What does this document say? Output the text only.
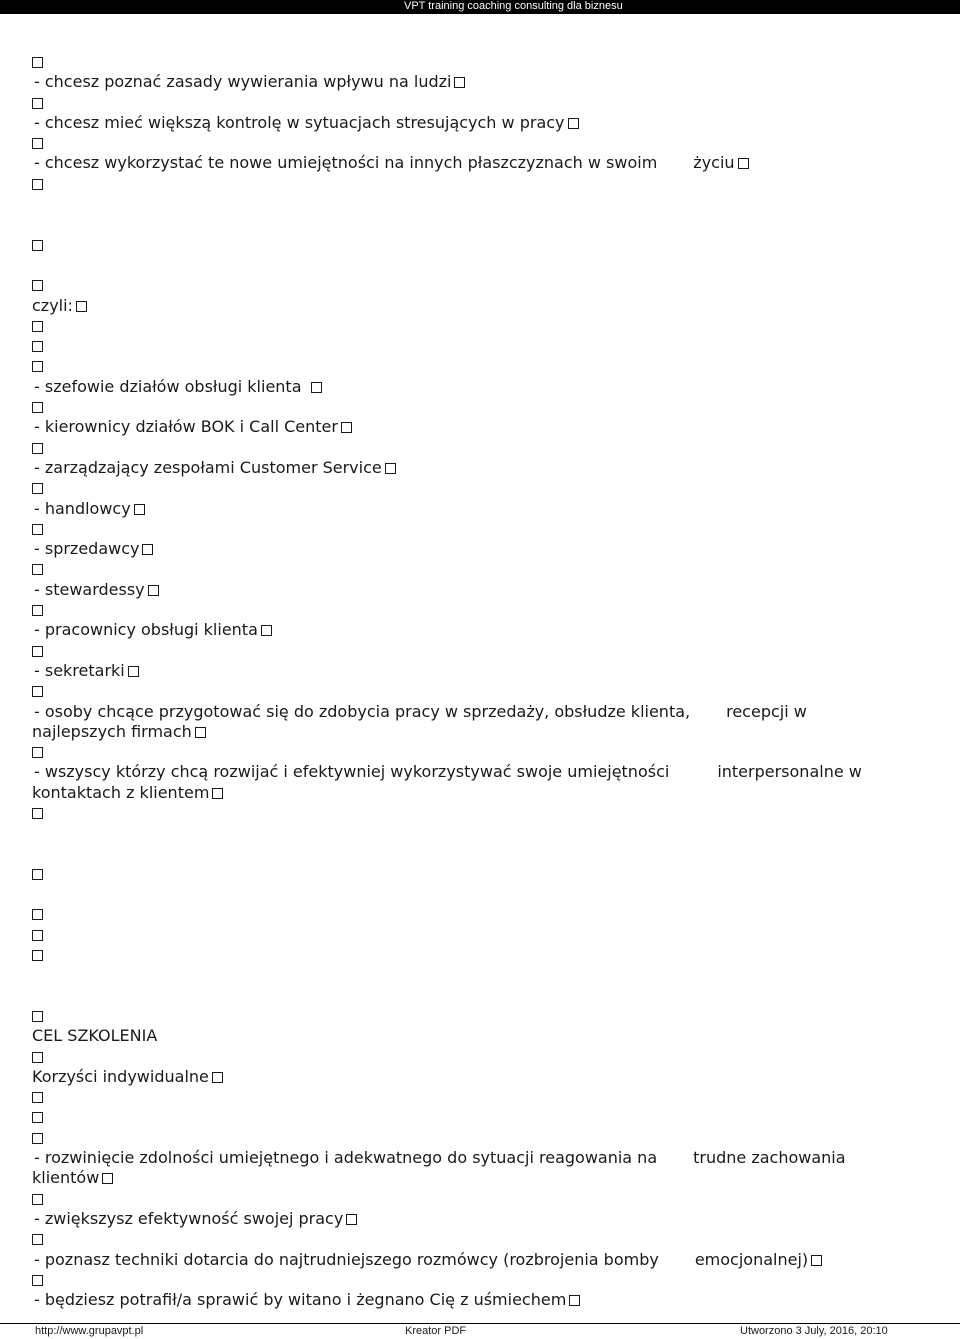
VPT training coaching consulting dla biznesu
- chcesz poznać zasady wywierania wpływu na ludzi
- chcesz mieć większą kontrolę w sytuacjach stresujących w pracy
- chcesz wykorzystać te nowe umiejętności na innych płaszczyznach w swoim życiu
czyli:
- szefowie działów obsługi klienta
- kierownicy działów BOK i Call Center
- zarządzający zespołami Customer Service
- handlowcy
- sprzedawcy
- stewardessy
- pracownicy obsługi klienta
- sekretarki
- osoby chcące przygotować się do zdobycia pracy w sprzedaży, obsłudze klienta, recepcji w
najlepszych firmach
- wszyscy którzy chcą rozwijać i efektywniej wykorzystywać swoje umiejętności	interpersonalne w
kontaktach z klientem
CEL SZKOLENIA
Korzyści indywidualne
- rozwinięcie zdolności umiejętnego i adekwatnego do sytuacji reagowania na trudne zachowania
klientów
- zwiększysz efektywność swojej pracy
- poznasz techniki dotarcia do najtrudniejszego rozmówcy (rozbrojenia bomby emocjonalnej)
- będziesz potrafił/a sprawić by witano i żegnano Cię z uśmiechem
http://www.grupavpt.pl	Kreator PDF	Utworzono 3 July, 2016, 20:10
